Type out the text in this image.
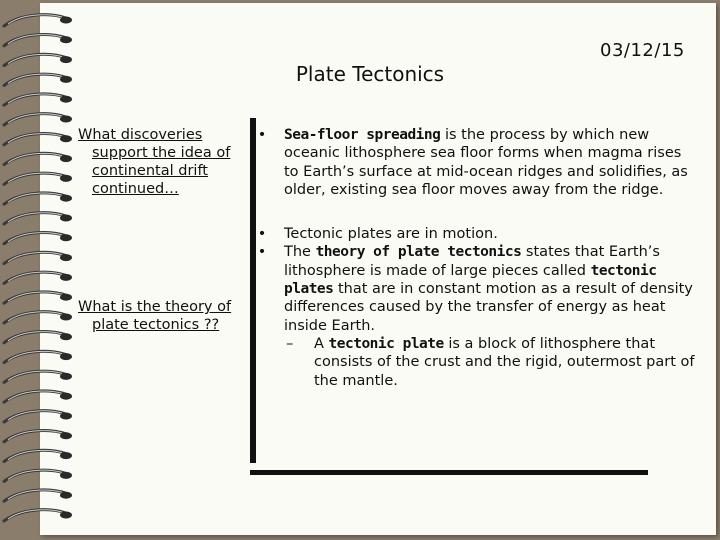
03/12/15
Plate Tectonics

What discoveries support the idea of continental drift continued…

What is the theory of plate tectonics ??

• Sea-floor spreading is the process by which new oceanic lithosphere sea floor forms when magma rises to Earth’s surface at mid-ocean ridges and solidifies, as older, existing sea floor moves away from the ridge.
• Tectonic plates are in motion.
• The theory of plate tectonics states that Earth’s lithosphere is made of large pieces called tectonic plates that are in constant motion as a result of density differences caused by the transfer of energy as heat inside Earth.
– A tectonic plate is a block of lithosphere that consists of the crust and the rigid, outermost part of the mantle.
